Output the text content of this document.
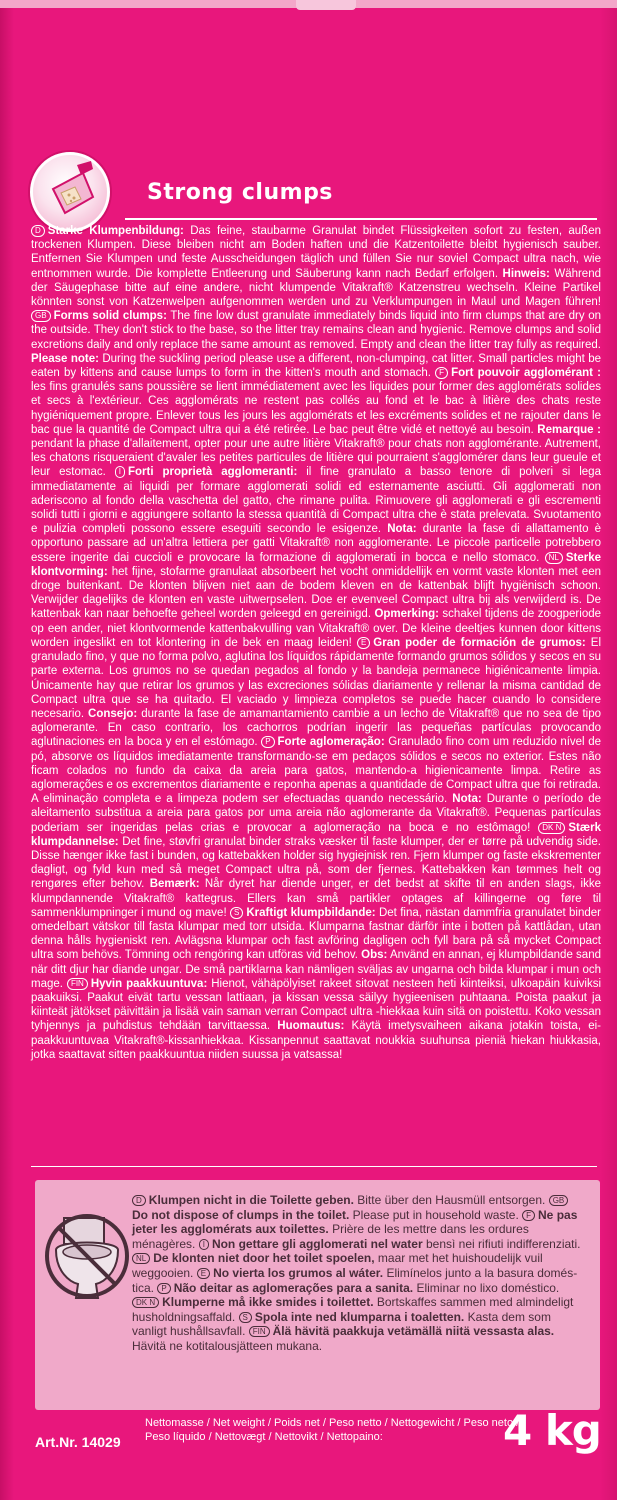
Strong clumps
D Starke Klumpenbildung: Das feine, staubarme Granulat bindet Flüssigkeiten sofort zu festen, außen trockenen Klumpen. Diese bleiben nicht am Boden haften und die Katzentoilette bleibt hygienisch sauber. Entfernen Sie Klumpen und feste Ausscheidungen täglich und füllen Sie nur soviel Compact ultra nach, wie entnommen wurde. Die komplette Entleerung und Säuberung kann nach Bedarf erfolgen. Hinweis: Während der Säugephase bitte auf eine andere, nicht klumpende Vitakraft® Katzenstreu wechseln. Kleine Partikel könnten sonst von Katzenwelpen aufgenommen werden und zu Verklumpungen in Maul und Magen führen! GB Forms solid clumps: The fine low dust granulate immediately binds liquid into firm clumps that are dry on the outside. They don't stick to the base, so the litter tray remains clean and hygienic. Remove clumps and solid excretions daily and only replace the same amount as removed. Empty and clean the litter tray fully as required. Please note: During the suckling period please use a different, non-clumping, cat litter. Small particles might be eaten by kittens and cause lumps to form in the kitten's mouth and stomach. F Fort pouvoir agglomérant : les fins granulés sans poussière se lient immédiatement avec les liquides pour former des agglomérats solides et secs à l'extérieur. Ces agglomérats ne restent pas collés au fond et le bac à litière des chats reste hygiéniquement propre. Enlever tous les jours les agglomérats et les excréments solides et ne rajouter dans le bac que la quantité de Compact ultra qui a été retirée. Le bac peut être vidé et nettoyé au besoin. Remarque : pendant la phase d'allaitement, opter pour une autre litière Vitakraft® pour chats non agglomérante. Autrement, les chatons risqueraient d'avaler les petites particules de litière qui pourraient s'agglomérer dans leur gueule et leur estomac. I Forti proprietà agglomeranti: il fine granulato a basso tenore di polveri si lega immediatamente ai liquidi per formare agglomerati solidi ed esternamente asciutti. Gli agglomerati non aderiscono al fondo della vaschetta del gatto, che rimane pulita. Rimuovere gli agglomerati e gli escrementi solidi tutti i giorni e aggiungere soltanto la stessa quantità di Compact ultra che è stata prelevata. Svuotamento e pulizia completi possono essere eseguiti secondo le esigenze. Nota: durante la fase di allattamento è opportuno passare ad un'altra lettiera per gatti Vitakraft® non agglomerante. Le piccole particelle potrebbero essere ingerite dai cuccioli e provocare la formazione di agglomerati in bocca e nello stomaco. NL Sterke klontvorming: het fijne, stofarme granulaat absorbeert het vocht onmiddellijk en vormt vaste klonten met een droge buitenkant. De klonten blijven niet aan de bodem kleven en de kattenbak blijft hygiënisch schoon. Verwijder dagelijks de klonten en vaste uitwerpselen. Doe er evenveel Compact ultra bij als verwijderd is. De kattenbak kan naar behoefte geheel worden geleegd en gereinigd. Opmerking: schakel tijdens de zoogperiode op een ander, niet klontvormende kattenbakvulling van Vitakraft® over. De kleine deeltjes kunnen door kittens worden ingeslikt en tot klontering in de bek en maag leiden! E Gran poder de formación de grumos: El granulado fino, y que no forma polvo, aglutina los líquidos rápidamente formando grumos sólidos y secos en su parte externa. Los grumos no se quedan pegados al fondo y la bandeja permanece higiénicamente limpia. Únicamente hay que retirar los grumos y las excreciones sólidas diariamente y rellenar la misma cantidad de Compact ultra que se ha quitado. El vaciado y limpieza completos se puede hacer cuando lo considere necesario. Consejo: durante la fase de amamantamiento cambie a un lecho de Vitakraft® que no sea de tipo aglomerante. En caso contrario, los cachorros podrían ingerir las pequeñas partículas provocando aglutinaciones en la boca y en el estómago. P Forte aglomeração: Granulado fino com um reduzido nível de pó, absorve os líquidos imediatamente transformando-se em pedaços sólidos e secos no exterior. Estes não ficam colados no fundo da caixa da areia para gatos, mantendo-a higienicamente limpa. Retire as aglomerações e os excrementos diariamente e reponha apenas a quantidade de Compact ultra que foi retirada. A eliminação completa e a limpeza podem ser efectuadas quando necessário. Nota: Durante o período de aleitamento substitua a areia para gatos por uma areia não aglomerante da Vitakraft®. Pequenas partículas poderiam ser ingeridas pelas crias e provocar a aglomeração na boca e no estômago! DK N Stærk klumpdannelse: Det fine, støvfri granulat binder straks væsker til faste klumper, der er tørre på udvendig side. Disse hænger ikke fast i bunden, og kattebakken holder sig hygiejnisk ren. Fjern klumper og faste ekskrementer dagligt, og fyld kun med så meget Compact ultra på, som der fjernes. Kattebakken kan tømmes helt og rengøres efter behov. Bemærk: Når dyret har diende unger, er det bedst at skifte til en anden slags, ikke klumpdannende Vitakraft® kattegrus. Ellers kan små partikler optages af killingerne og føre til sammenklumpninger i mund og mave! S Kraftigt klumpbildande: Det fina, nästan dammfria granulatet binder omedelbart vätskor till fasta klumpar med torr utsida. Klumparna fastnar därför inte i botten på kattlådan, utan denna hålls hygieniskt ren. Avlägsna klumpar och fast avföring dagligen och fyll bara på så mycket Compact ultra som behövs. Tömning och rengöring kan utföras vid behov. Obs: Använd en annan, ej klumpbildande sand när ditt djur har diande ungar. De små partiklarna kan nämligen sväljas av ungarna och bilda klumpar i mun och mage. FIN Hyvin paakkuuntuva: Hienot, vähäpölyiset rakeet sitovat nesteen heti kiinteiksi, ulkoapäin kuiviksi paakuiksi. Paakut eivät tartu vessan lattiaan, ja kissan vessa säilyy hygieenisen puhtaana. Poista paakut ja kiinteät jätökset päivittäin ja lisää vain saman verran Compact ultra -hiekkaa kuin sitä on poistettu. Koko vessan tyhjennys ja puhdistus tehdään tarvittaessa. Huomautus: Käytä imetysvaiheen aikana jotakin toista, ei-paakkuuntuvaa Vitakraft®-kissanhiekkaa. Kissanpennut saattavat noukkia suuhunsa pieniä hiekan hiukkasia, jotka saattavat sitten paakkuuntua niiden suussa ja vatsassa!
D Klumpen nicht in die Toilette geben. Bitte über den Hausmüll entsorgen. GBDo not dispose of clumps in the toilet. Please put in household waste. F Ne pas jeter les agglomérats aux toilettes. Prière de les mettre dans les ordures ménagères. I Non gettare gli agglomerati nel water bensì nei rifiuti indifferenziati. NL De klonten niet door het toilet spoelen, maar met het huishoudelijk vuil weggooien. E No vierta los grumos al wáter. Elimínelos junto a la basura domés- tica. P Não deitar as aglomerações para a sanita. Eliminar no lixo doméstico. DK N Klumperne må ikke smides i toilettet. Bortskaffes sammen med almindeligt husholdningsaffald. S Spola inte ned klumparna i toaletten. Kasta dem som vanligt hushållsavfall. FIN Älä hävitä paakkuja vetämällä niitä vessasta alas. Hävitä ne kotitalousjätteen mukana.
Nettomasse / Net weight / Poids net / Peso netto / Nettogewicht / Peso neto / Peso líquido / Nettovægt / Nettovikt / Nettopaino:
Art.Nr. 14029	4 kg
